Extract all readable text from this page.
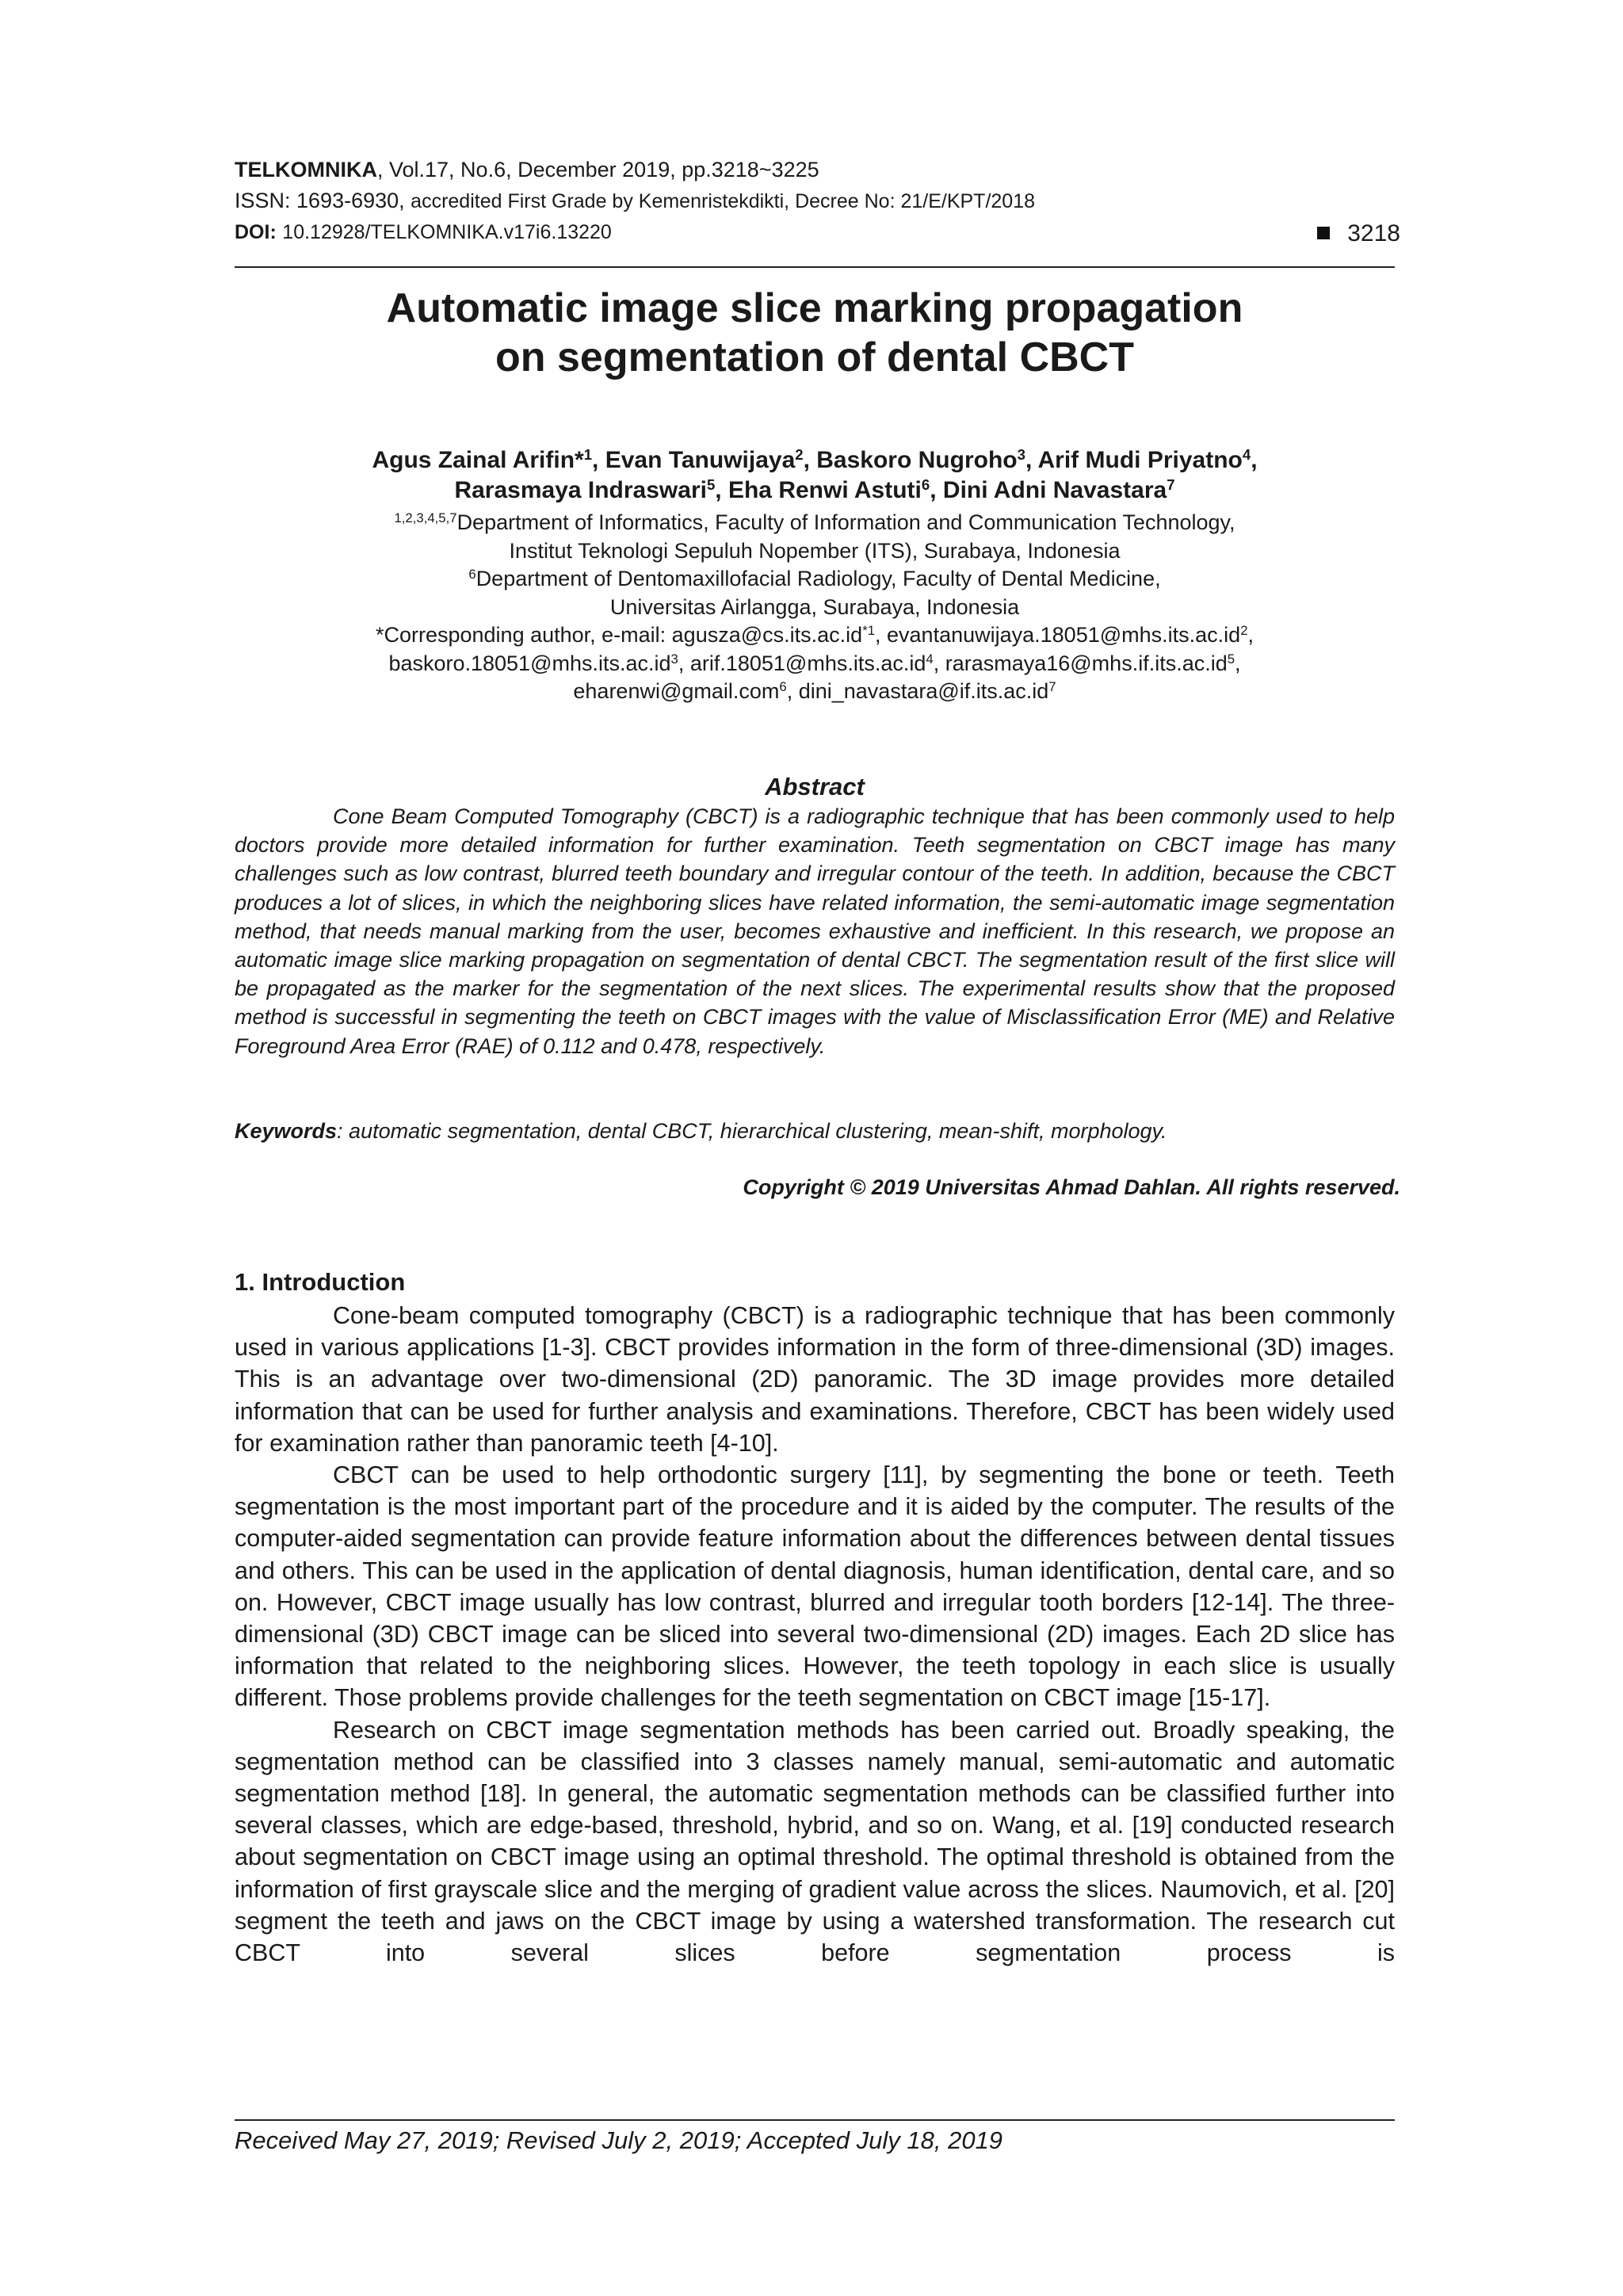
TELKOMNIKA, Vol.17, No.6, December 2019, pp.3218~3225
ISSN: 1693-6930, accredited First Grade by Kemenristekdikti, Decree No: 21/E/KPT/2018
DOI: 10.12928/TELKOMNIKA.v17i6.13220	3218
Automatic image slice marking propagation
on segmentation of dental CBCT
Agus Zainal Arifin*$^1$, Evan Tanuwijaya$^2$, Baskoro Nugroho$^3$, Arif Mudi Priyatno$^4$,
Rarasmaya Indraswari$^5$, Eha Renwi Astuti$^6$, Dini Adni Navastara$^7$
$^{1,2,3,4,5,7}$Department of Informatics, Faculty of Information and Communication Technology,
Institut Teknologi Sepuluh Nopember (ITS), Surabaya, Indonesia
$^6$Department of Dentomaxillofacial Radiology, Faculty of Dental Medicine,
Universitas Airlangga, Surabaya, Indonesia
*Corresponding author, e-mail: $agusza@cs.its.ac.id^{*1}$, $evantanuwijaya.18051@mhs.its.ac.id^2$,
$baskoro.18051@mhs.its.ac.id^3$, $arif.18051@mhs.its.ac.id^4$, $rarasmaya16@mhs.if.its.ac.id^5$,
eharenwi@gmail.com$^6$, $dini\_navastara@if.its.ac.id^7$
Abstract
Cone Beam Computed Tomography (CBCT) is a radiographic technique that has been commonly used to help doctors provide more detailed information for further examination. Teeth segmentation on CBCT image has many challenges such as low contrast, blurred teeth boundary and irregular contour of the teeth. In addition, because the CBCT produces a lot of slices, in which the neighboring slices have related information, the semi-automatic image segmentation method, that needs manual marking from the user, becomes exhaustive and inefficient. In this research, we propose an automatic image slice marking propagation on segmentation of dental CBCT. The segmentation result of the first slice will be propagated as the marker for the segmentation of the next slices. The experimental results show that the proposed method is successful in segmenting the teeth on CBCT images with the value of Misclassification Error (ME) and Relative Foreground Area Error (RAE) of 0.112 and 0.478, respectively.
Keywords: automatic segmentation, dental CBCT, hierarchical clustering, mean-shift, morphology.
Copyright © 2019 Universitas Ahmad Dahlan. All rights reserved.
1. Introduction

Cone-beam computed tomography (CBCT) is a radiographic technique that has been commonly used in various applications [1-3]. CBCT provides information in the form of three-dimensional (3D) images. This is an advantage over two-dimensional (2D) panoramic. The 3D image provides more detailed information that can be used for further analysis and examinations. Therefore, CBCT has been widely used for examination rather than panoramic teeth [4-10].

CBCT can be used to help orthodontic surgery [11], by segmenting the bone or teeth. Teeth segmentation is the most important part of the procedure and it is aided by the computer. The results of the computer-aided segmentation can provide feature information about the differences between dental tissues and others. This can be used in the application of dental diagnosis, human identification, dental care, and so on. However, CBCT image usually has low contrast, blurred and irregular tooth borders [12-14]. The three-dimensional (3D) CBCT image can be sliced into several two-dimensional (2D) images. Each 2D slice has information that related to the neighboring slices. However, the teeth topology in each slice is usually different. Those problems provide challenges for the teeth segmentation on CBCT image [15-17].

Research on CBCT image segmentation methods has been carried out. Broadly speaking, the segmentation method can be classified into 3 classes namely manual, semi-automatic and automatic segmentation method [18]. In general, the automatic segmentation methods can be classified further into several classes, which are edge-based, threshold, hybrid, and so on. Wang, et al. [19] conducted research about segmentation on CBCT image using an optimal threshold. The optimal threshold is obtained from the information of first grayscale slice and the merging of gradient value across the slices. Naumovich, et al. [20] segment the teeth and jaws on the CBCT image by using a watershed transformation. The research cut CBCT into several slices before segmentation process is

Received May 27, 2019; Revised July 2, 2019; Accepted July 18, 2019
